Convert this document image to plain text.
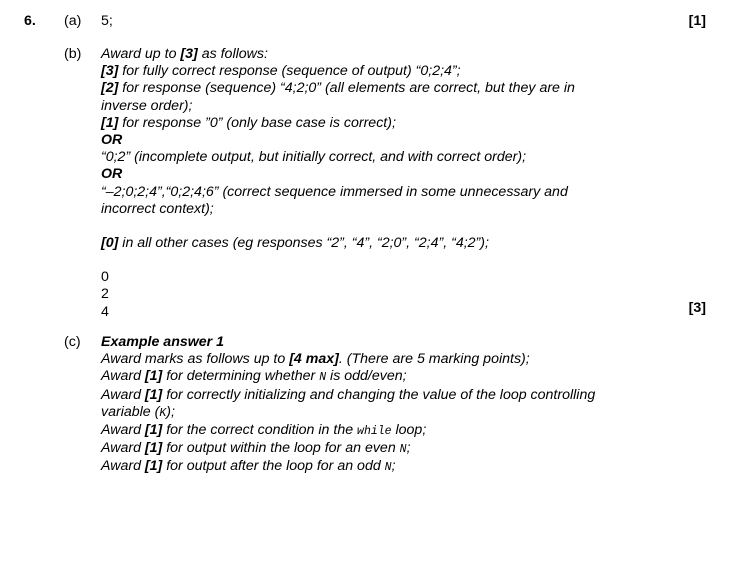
6. (a) 5;	[1]
(b) Award up to [3] as follows:
[3] for fully correct response (sequence of output) “0;2;4”;
[2] for response (sequence) “4;2;0” (all elements are correct, but they are in
inverse order);
[1] for response ”0” (only base case is correct);
OR
“0;2” (incomplete output, but initially correct, and with correct order);
OR
“–2;0;2;4”,“0;2;4;6” (correct sequence immersed in some unnecessary and
incorrect context);
[0] in all other cases (eg responses “2”, “4”, “2;0”, “2;4”, “4;2”);
0
2
4	[3]
(c) Example answer 1
Award marks as follows up to [4 max]. (There are 5 marking points);
Award [1] for determining whether N is odd/even;
Award [1] for correctly initializing and changing the value of the loop controlling
variable (K);
Award [1] for the correct condition in the while loop;
Award [1] for output within the loop for an even N;
Award [1] for output after the loop for an odd N;
